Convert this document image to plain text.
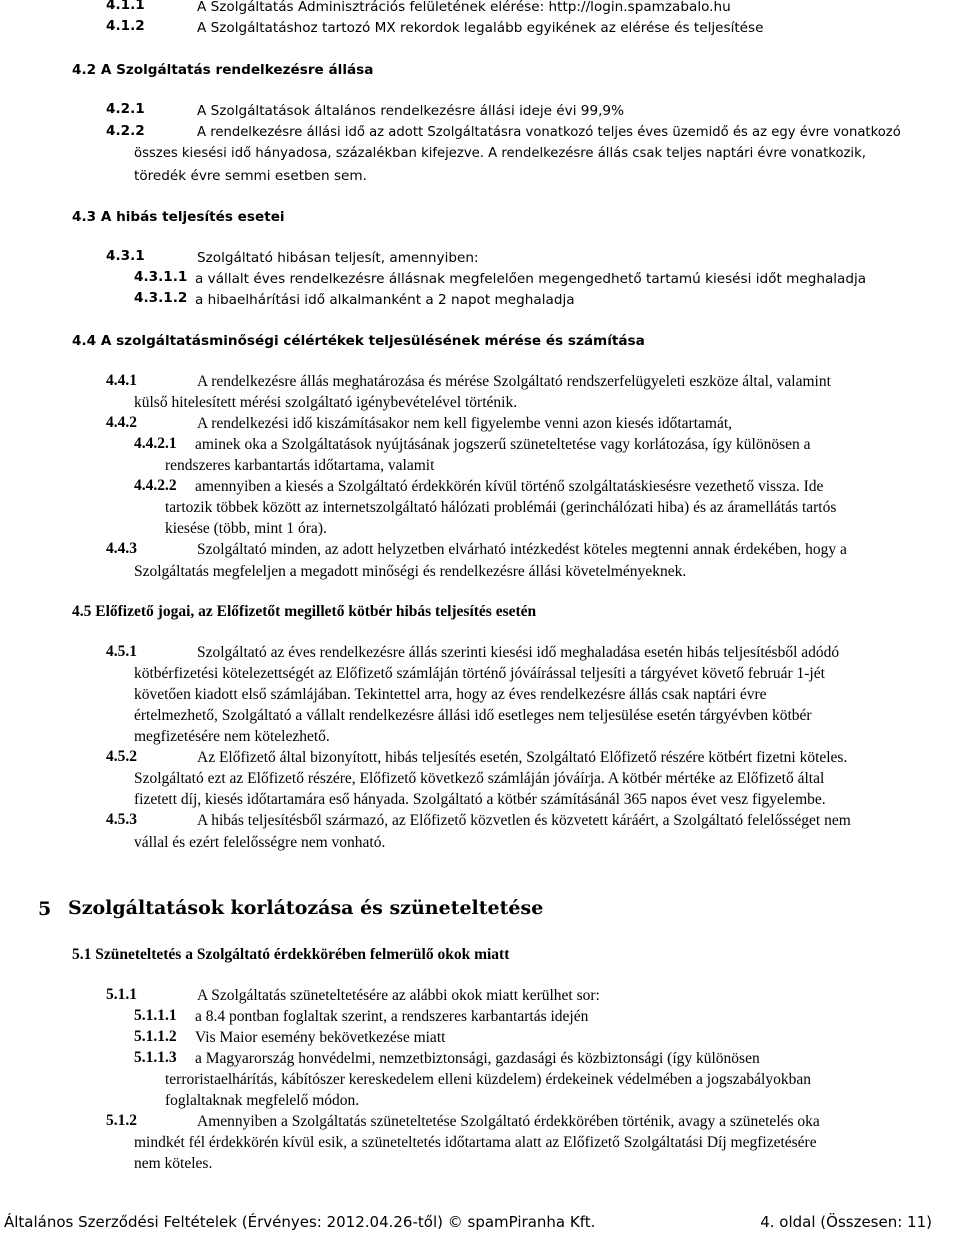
4.1.1	A Szolgáltatás Adminisztrációs felületének elérése: http://login.spamzabalo.hu
4.1.2	A Szolgáltatáshoz tartozó MX rekordok legalább egyikének az elérése és teljesítése
4.2 A Szolgáltatás rendelkezésre állása
4.2.1	A Szolgáltatások általános rendelkezésre állási ideje évi 99,9%
4.2.2	A rendelkezésre állási idő az adott Szolgáltatásra vonatkozó teljes éves üzemidő és az egy évre vonatkozó
összes kiesési idő hányadosa, százalékban kifejezve. A rendelkezésre állás csak teljes naptári évre vonatkozik,
töredék évre semmi esetben sem.
4.3 A hibás teljesítés esetei
4.3.1	Szolgáltató hibásan teljesít, amennyiben:
4.3.1.1 a vállalt éves rendelkezésre állásnak megfelelően megengedhető tartamú kiesési időt meghaladja
4.3.1.2 a hibaelhárítási idő alkalmanként a 2 napot meghaladja
4.4 A szolgáltatásminőségi célértékek teljesülésének mérése és számítása
4.4.1	A rendelkezésre állás meghatározása és mérése Szolgáltató rendszerfelügyeleti eszköze által, valamint
külső hitelesített mérési szolgáltató igénybevételével történik.
4.4.2	A rendelkezési idő kiszámításakor nem kell figyelembe venni azon kiesés időtartamát,
4.4.2.1 aminek oka a Szolgáltatások nyújtásának jogszerű szüneteltetése vagy korlátozása, így különösen a
rendszeres karbantartás időtartama, valamit
4.4.2.2 amennyiben a kiesés a Szolgáltató érdekkörén kívül történő szolgáltatáskiesésre vezethető vissza. Ide
tartozik többek között az internetszolgáltató hálózati problémái (gerinchálózati hiba) és az áramellátás tartós
kiesése (több, mint 1 óra).
4.4.3	Szolgáltató minden, az adott helyzetben elvárható intézkedést köteles megtenni annak érdekében, hogy a
Szolgáltatás megfeleljen a megadott minőségi és rendelkezésre állási követelményeknek.
4.5 Előfizető jogai, az Előfizetőt megillető kötbér hibás teljesítés esetén
4.5.1	Szolgáltató az éves rendelkezésre állás szerinti kiesési idő meghaladása esetén hibás teljesítésből adódó
kötbérfizetési kötelezettségét az Előfizető számláján történő jóváírással teljesíti a tárgyévet követő február 1-jét
követően kiadott első számlájában. Tekintettel arra, hogy az éves rendelkezésre állás csak naptári évre
értelmezhető, Szolgáltató a vállalt rendelkezésre állási idő esetleges nem teljesülése esetén tárgyévben kötbér
megfizetésére nem kötelezhető.
4.5.2	Az Előfizető által bizonyított, hibás teljesítés esetén, Szolgáltató Előfizető részére kötbért fizetni köteles.
Szolgáltató ezt az Előfizető részére, Előfizető következő számláján jóváírja. A kötbér mértéke az Előfizető által
fizetett díj, kiesés időtartamára eső hányada. Szolgáltató a kötbér számításánál 365 napos évet vesz figyelembe.
4.5.3	A hibás teljesítésből származó, az Előfizető közvetlen és közvetett káráért, a Szolgáltató felelősséget nem
vállal és ezért felelősségre nem vonható.
5 Szolgáltatások korlátozása és szüneteltetése
5.1 Szüneteltetés a Szolgáltató érdekkörében felmerülő okok miatt
5.1.1	A Szolgáltatás szüneteltetésére az alábbi okok miatt kerülhet sor:
5.1.1.1 a 8.4 pontban foglaltak szerint, a rendszeres karbantartás idején
5.1.1.2 Vis Maior esemény bekövetkezése miatt
5.1.1.3 a Magyarország honvédelmi, nemzetbiztonsági, gazdasági és közbiztonsági (így különösen
terroristaelhárítás, kábítószer kereskedelem elleni küzdelem) érdekeinek védelmében a jogszabályokban
foglaltaknak megfelelő módon.
5.1.2	Amennyiben a Szolgáltatás szüneteltetése Szolgáltató érdekkörében történik, avagy a szünetelés oka
mindkét fél érdekkörén kívül esik, a szüneteltetés időtartama alatt az Előfizető Szolgáltatási Díj megfizetésére
nem köteles.
Általános Szerződési Feltételek (Érvényes: 2012.04.26-től) © spamPiranha Kft.	4. oldal (Összesen: 11)
